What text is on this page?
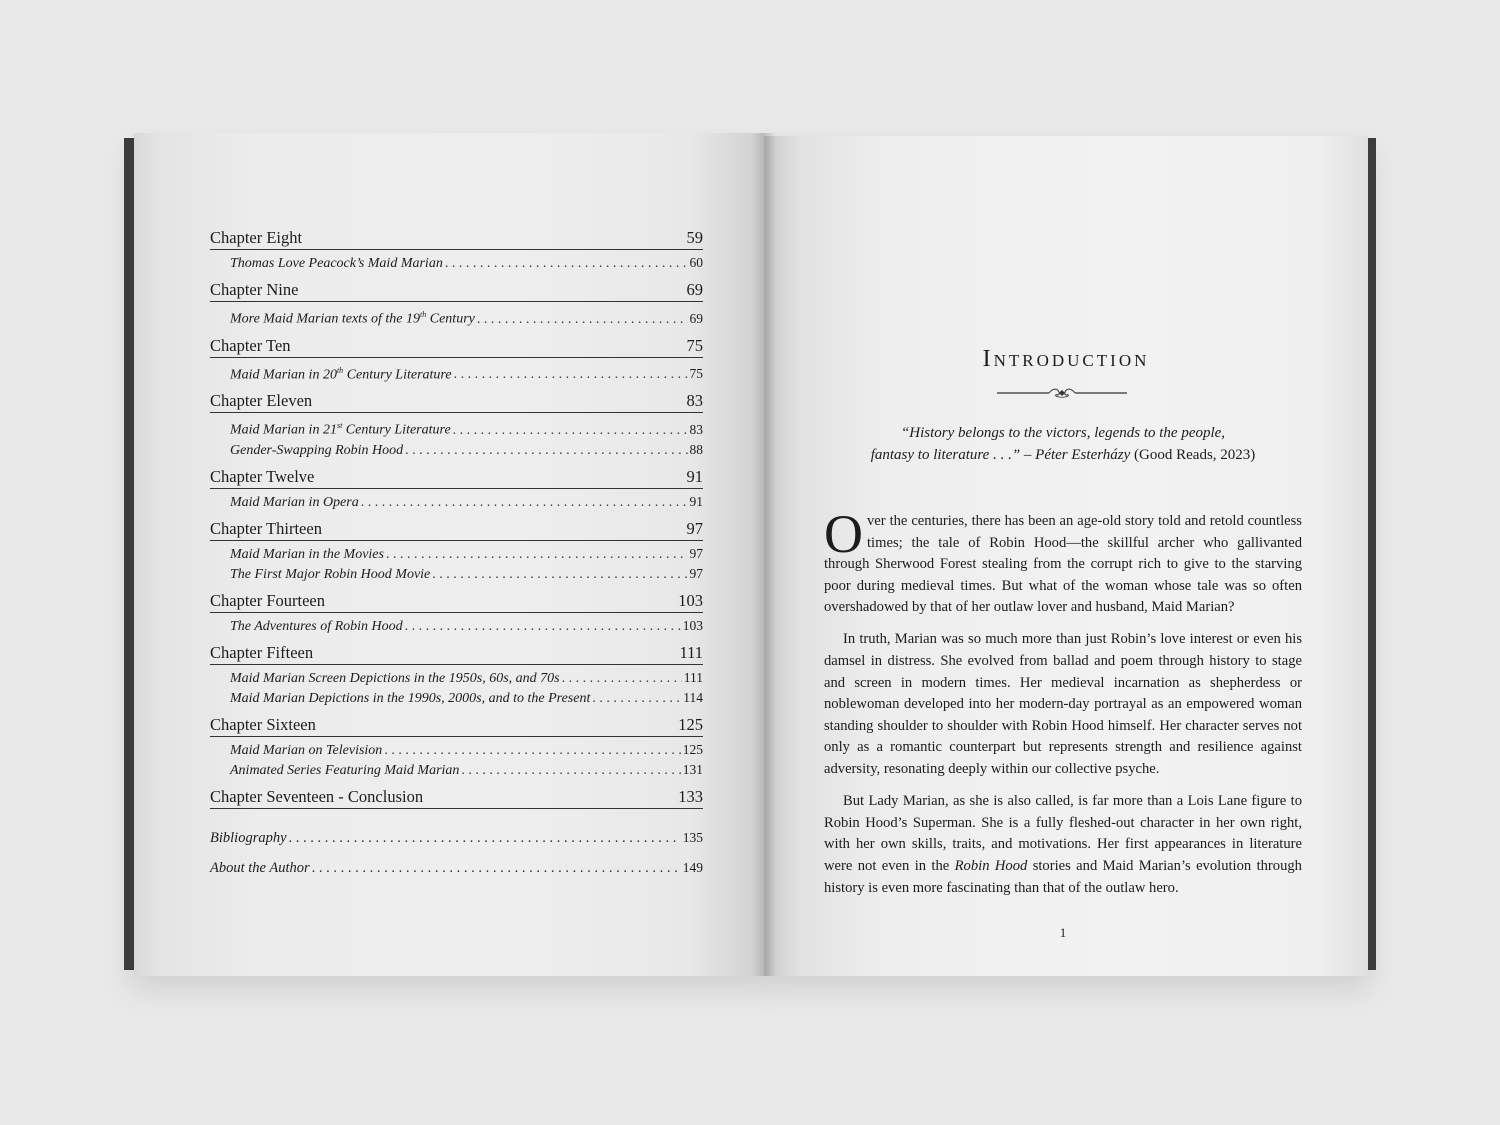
Chapter Eight	59
Thomas Love Peacock’s Maid Marian . . .	60
Chapter Nine	69
More Maid Marian texts of the 19th Century . . .	69
Chapter Ten	75
Maid Marian in 20th Century Literature . . .	75
Chapter Eleven	83
Maid Marian in 21st Century Literature . . .	83
Gender-Swapping Robin Hood . . .	88
Chapter Twelve	91
Maid Marian in Opera . . .	91
Chapter Thirteen	97
Maid Marian in the Movies . . .	97
The First Major Robin Hood Movie . . .	97
Chapter Fourteen	103
The Adventures of Robin Hood . . .	103
Chapter Fifteen	111
Maid Marian Screen Depictions in the 1950s, 60s, and 70s . . .	111
Maid Marian Depictions in the 1990s, 2000s, and to the Present . . .	114
Chapter Sixteen	125
Maid Marian on Television . . .	125
Animated Series Featuring Maid Marian . . .	131
Chapter Seventeen - Conclusion	133
Bibliography . . .	135
About the Author . . .	149
Introduction
“History belongs to the victors, legends to the people,
fantasy to literature . . .” – Péter Esterházy (Good Reads, 2023)

Over the centuries, there has been an age-old story told and retold countless times; the tale of Robin Hood—the skillful archer who gallivanted through Sherwood Forest stealing from the corrupt rich to give to the starving poor during medieval times. But what of the woman whose tale was so often overshadowed by that of her outlaw lover and husband, Maid Marian?

In truth, Marian was so much more than just Robin’s love interest or even his damsel in distress. She evolved from ballad and poem through history to stage and screen in modern times. Her medieval incarnation as shepherdess or noblewoman developed into her modern-day portrayal as an empowered woman standing shoulder to shoulder with Robin Hood himself. Her character serves not only as a romantic counterpart but represents strength and resilience against adversity, resonating deeply within our collective psyche.

But Lady Marian, as she is also called, is far more than a Lois Lane figure to Robin Hood’s Superman. She is a fully fleshed-out character in her own right, with her own skills, traits, and motivations. Her first appearances in literature were not even in the Robin Hood stories and Maid Marian’s evolution through history is even more fascinating than that of the outlaw hero.

1
